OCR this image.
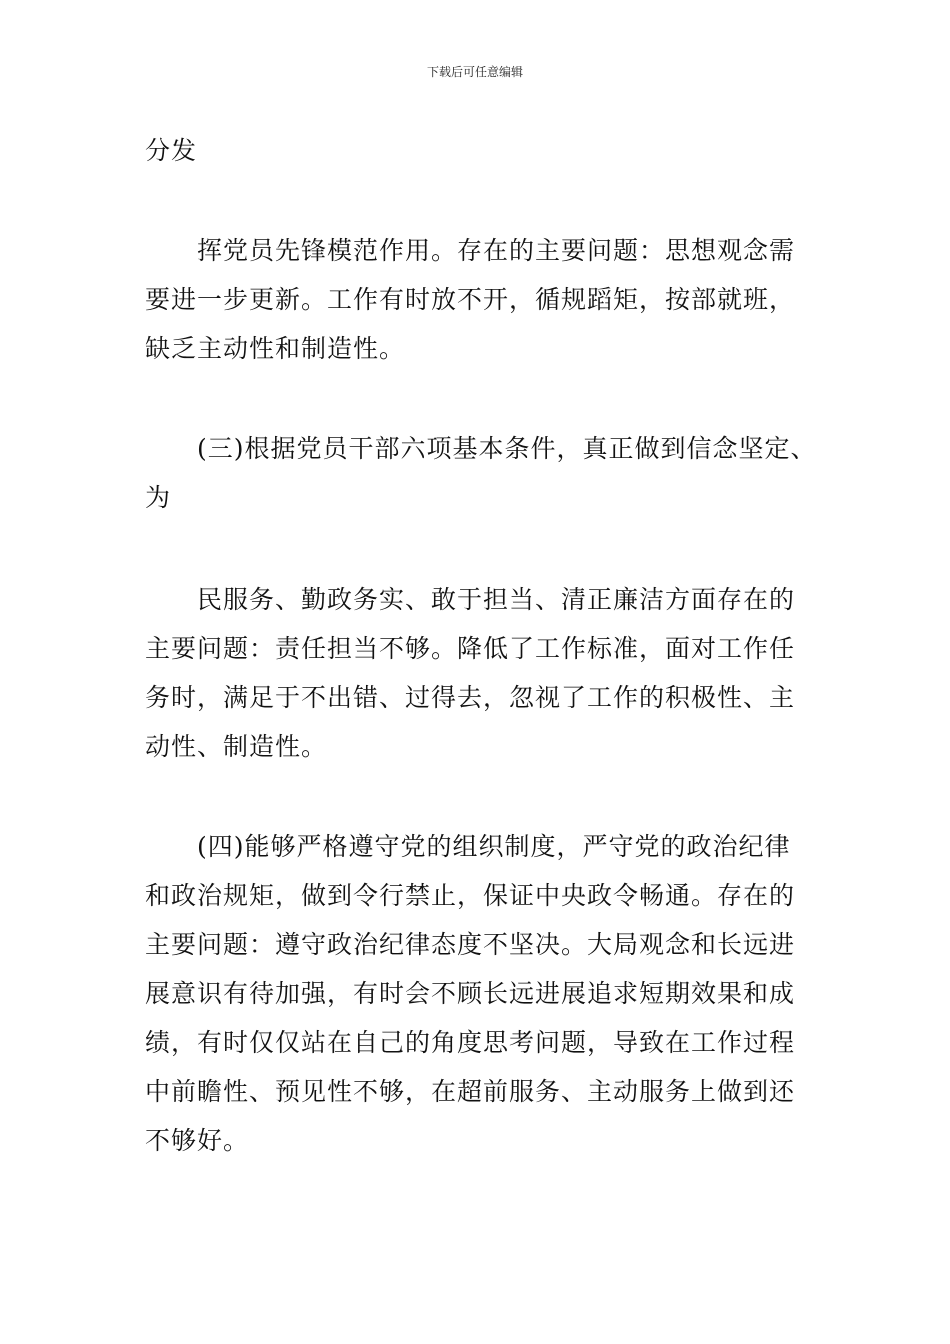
下载后可任意编辑
分发
挥党员先锋模范作用。存在的主要问题：思想观念需
要进一步更新。工作有时放不开，循规蹈矩，按部就班，
缺乏主动性和制造性。
(三)根据党员干部六项基本条件，真正做到信念坚定、
为
民服务、勤政务实、敢于担当、清正廉洁方面存在的
主要问题：责任担当不够。降低了工作标准，面对工作任
务时，满足于不出错、过得去，忽视了工作的积极性、主
动性、制造性。
(四)能够严格遵守党的组织制度，严守党的政治纪律
和政治规矩，做到令行禁止，保证中央政令畅通。存在的
主要问题：遵守政治纪律态度不坚决。大局观念和长远进
展意识有待加强，有时会不顾长远进展追求短期效果和成
绩，有时仅仅站在自己的角度思考问题，导致在工作过程
中前瞻性、预见性不够，在超前服务、主动服务上做到还
不够好。
